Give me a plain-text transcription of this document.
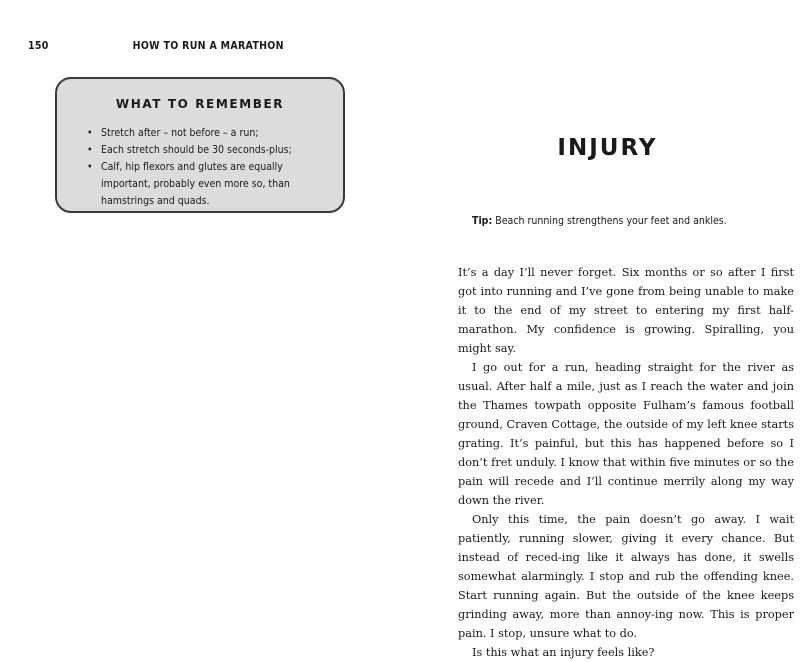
150	HOW TO RUN A MARATHON
WHAT TO REMEMBER
• Stretch after – not before – a run;
• Each stretch should be 30 seconds-plus;
• Calf, hip flexors and glutes are equally important, probably even more so, than hamstrings and quads.
INJURY
Tip: Beach running strengthens your feet and ankles.

It’s a day I’ll never forget. Six months or so after I first got into running and I’ve gone from being unable to make it to the end of my street to entering my first half-marathon. My confidence is growing. Spiralling, you might say.

I go out for a run, heading straight for the river as usual. After half a mile, just as I reach the water and join the Thames towpath opposite Fulham’s famous football ground, Craven Cottage, the outside of my left knee starts grating. It’s painful, but this has happened before so I don’t fret unduly. I know that within five minutes or so the pain will recede and I’ll continue merrily along my way down the river.

Only this time, the pain doesn’t go away. I wait patiently, running slower, giving it every chance. But instead of reced-ing like it always has done, it swells somewhat alarmingly. I stop and rub the offending knee. Start running again. But the outside of the knee keeps grinding away, more than annoy-ing now. This is proper pain. I stop, unsure what to do.

Is this what an injury feels like?
